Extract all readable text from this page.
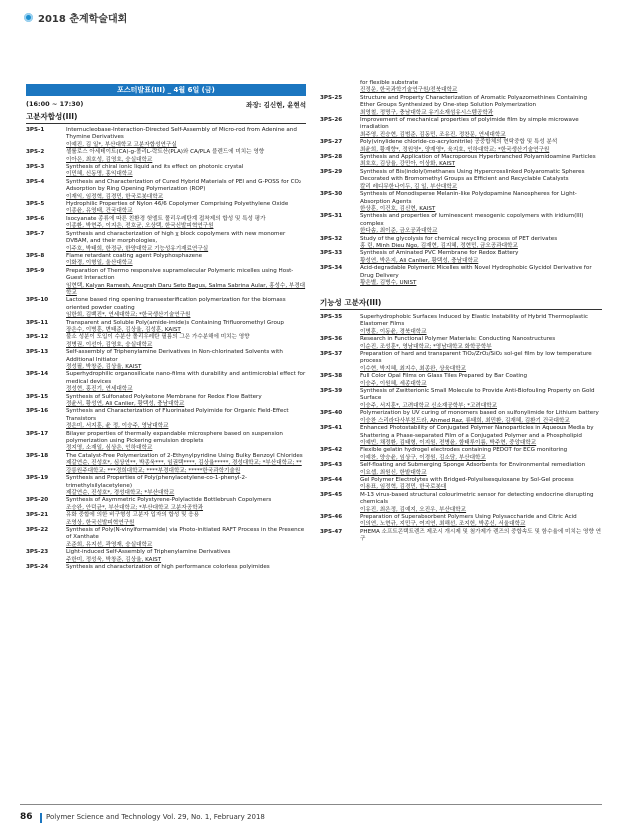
2018 춘계학술대회
포스터발표(III) _ 4월 6일 (금)
(16:00 ~ 17:30)	좌장: 김신현, 윤현석
고분자합성(III)
3PS-1	Internucleobase-Interaction-Directed Self-Assembly of Micro-rod from Adenine and Thymine Derivatives
이예진, 김 일*, 부산대학교 고분자합성연구실
3PS-2	셀룰로스 아세테이트(CA)-g-폴리L-락트산(PLA)와 CA/PLA 블렌드에 미치는 영향
이아은, 최호성, 김영호, 숭실대학교
3PS-3	Synthesis of chiral ionic liquid and its effect on photonic crystal
이민혜, 신동명, 홍익대학교
3PS-4	Synthesis and Characterization of Cured Hybrid Materials of PEI and G-POSS for CO₂ Adsorption by Ring Opening Polymerization (ROP)
이재익, 임정혁, 김경민, 한국로봇대학교
3PS-5	Hydrophilic Properties of Nylon 46/6 Copolymer Comprising Polyethylene Oxide
이종윤, 유영태, 건국대학교
3PS-6	Isocyanate 종류에 따른 친환경 헛엘트 폴리우레탄계 접착제의 합성 및 특성 평가
이종환, 박현주, 이지은, 전호균, 오상택, 한국신발피혁연구원
3PS-7	Synthesis and characterization of high χ block copolymers with new monomer DVBAM, and their morphologies,
이주호, 박태희, 한정규, 한양대학교 기능성유기재료연구실
3PS-8	Flame retardant coating agent Polyphosphazene
이화경, 이형일, 울산대학교
3PS-9	Preparation of Thermo responsive supramolecular Polymeric micelles using Host-Guest Interaction
임현택, Kalyan Ramesh, Anugrah Daru Seto Bagus, Salma Sabrina Aular, 홍성수, 부경대학교
3PS-10	Lactone based ring opening transesterification polymerization for the biomass oriented powder coating
임한희, 김백진*, 연세대학교; *한국생산기술연구원
3PS-11	Transparent and Soluble Poly(amide-imide)s Containing Trifluoromethyl Group
장은수, 이병훈, 변태준, 김상율, 김성훈, KAIST
3PS-12	불소 성분이 도입이 수분산 폴리우레탄 필름의 그은 가수분해에 미치는 영향
정병권, 이선아, 김영호, 숭실대학교
3PS-13	Self-assembly of Triphenylamine Derivatives in Non-chlorinated Solvents with Additional Initiator
정성필, 박창준, 김상율, KAIST
3PS-14	Superhydrophilic organosilicate nano-films with durability and antimicrobial effect for medical devices
정성현, 홍진기, 연세대학교
3PS-15	Synthesis of Sulfonated Polyketone Membrane for Redox Flow Battery
정윤서, 황성연, Ali Canlier, 황택성, 충남대학교
3PS-16	Synthesis and Characterization of Fluorinated Polyimide for Organic Field-Effect Transistors
정은미, 서지훈, 윤 정, 이승주, 영남대학교
3PS-17	Bilayer properties of thermally expandable microsphere based on suspension polymerization using Pickering emulsion droplets
정지영, 소재일, 심상은, 인하대학교
3PS-18	The Catalyst-Free Polymerization of 2-Ethynylpyridine Using Bulky Benzoyl Chlorides
제갈연순, 진성호*, 심상연**, 박종욱***, 임권택****, 김상율*****, 경성대학교; *부산대학교; **강릉원주대학교; ***경희대학교; ****부경대학교; *****한국과학기술원
3PS-19	Synthesis and Properties of Poly(phenylacetylene-co-1-phenyl-2-trimethylsilylacetylene)
제갈연순, 진성호*, 경성대학교; *부산대학교
3PS-20	Synthesis of Asymmetric Polystyrene-Polylactide Bottlebrush Copolymers
조승완, 안덕균*, 부산대학교; *부산대학교 고분자공학과
3PS-21	유화 중합에 의한 비구형성 고분자 입자의 합성 및 응용
조영상, 한국신발피혁연구원
3PS-22	Synthesis of Poly(N-vinylformamide) via Photo-initiated RAFT Process in the Presence of Xanthate
조준희, 유지선, 곽영재, 숭실대학교
3PS-23	Light-induced Self-Assembly of Triphenylamine Derivatives
주한미, 정성욱, 박창준, 김상율, KAIST
3PS-24	Synthesis and characterization of high performance colorless polyimides
for flexible substrate
진정운, 한국과학기술연구원/전북대학교
3PS-25	Structure and Property Characterization of Aromatic Polyazomethines Containing Ether Groups Synthesized by One-step Solution Polymerization
최영철, 정명구, 충남대학교 유기소재섬유시스템공학과
3PS-26	Improvement of mechanical properties of polyimide film by simple microwave irradiation
최주영, 진승현, 김범준, 김동민, 조유진, 정찬문, 연세대학교
3PS-27	Poly(vinylidene chloride-co-acrylonitrile) 공중합체의 현탁중합 및 특성 분석
최윤희, 황재향*, 정원영*, 양재영*, 육지호, 인하대학교; *한국생산기술연구원
3PS-28	Synthesis and Application of Macroporous Hyperbranched Polyamidoamine Particles
최호호, 김상율, 강민아, 이상화, KAIST
3PS-29	Synthesis of Bis(indolyl)methanes Using Hypercrosslinked Polyaromatic Spheres Decorated with Bromomethyl Groups as Efficient and Recyclable Catalysts
칼리 레디무한나이두, 김 일, 부산대학교
3PS-30	Synthesis of Monodisperse Melanin-like Polydopamine Nanospheres for Light-Absorption Agents
한상훈, 이건호, 김신현, KAIST
3PS-31	Synthesis and properties of luminescent mesogenic copolymers with iridium(III) complex
한다솜, 최이준, 금오공과대학교
3PS-32	Study of the glycolysis for chemical recycling process of PET derivates
홍 린, Minh Dieu Ngo, 김재현, 김지혜, 정현민, 금오공과대학교
3PS-33	Synthesis of Aminated PVC Membrane for Redox Battery
황성연, 박은지, Ali Canlier, 황택성, 충남대학교
3PS-34	Acid-degradable Polymeric Micelles with Novel Hydrophobic Glycidol Derivative for Drug Delivery
황은별, 김병수, UNIST
기능성 고분자(III)
3PS-35	Superhydrophobic Surfaces Induced by Elastic Instability of Hybrid Thermoplastic Elastomer Films
이병훈, 이동윤, 경북대학교
3PS-36	Research in Functional Polymer Materials: Conducting Nanostructures
이순진, 조성훈*, 영남대학교; *영남대학교 화학공학부
3PS-37	Preparation of hard and transparent TiO₂/ZrO₂/SiO₂ sol-gel film by low temperature process
이수현, 박지혜, 최지수, 최종완, 상육대학교
3PS-38	Full Color Opal Films on Glass Tiles Prepared by Bar Coating
이승주, 이원혜, 세종대학교
3PS-39	Synthesis of Zwitterionic Small Molecule to Provide Anti-Biofouling Property on Gold Surface
이승주, 서지훈*, 고려대학교 신소재공학부; *고려대학교
3PS-40	Polymerization by UV curing of monomers based on sulfonylimide for Lithium battery
이승찬 스리라다사부친드라, Ahmed Raz, 류태희, 최민환, 김재혜, 김환기 건국대학교
3PS-41	Enhanced Photostability of Conjugated Polymer Nanoparticles in Aqueous Media by Shattering a Phase-separated Film of a Conjugated Polymer and a Phospholipid
이예빈, 채정환, 김태형, 이지원, 전병윤, 함태루이름, 박주현, 중앙대학교
3PS-42	Flexible gelatin hydrogel electrodes containing PEDOT for ECG monitoring
이예찬, 양승윤, 임상구, 이경원, 김소담, 부산대학교
3PS-43	Self-floating and Submerging Sponge Adsorbents for Environmental remediation
이요셉, 최원신, 한밭대학교
3PS-44	Gel Polymer Electrolytes with Bridged-Polysilsesquioxane by Sol-Gel process
이용표, 임정혁, 김경민, 한국로봇대
3PS-45	M-13 virus-based structural colourimetric sensor for detecting endocrine disrupting chemicals
이유진, 최은정, 김예지, 오진우, 부산대학교
3PS-46	Preparation of Superabsorbent Polymers Using Polysaccharide and Citric Acid
이의연, 노현규, 지민구, 여지연, 최해선, 조지헌, 박종신, 서울대학교
3PS-47	PHEMA 소프트콘택트렌즈 제조시 개시제 및 첨가제가 렌즈의 중합속도 및 함수율에 미치는 영향 연구
86 Polymer Science and Technology Vol. 29, No. 1, February 2018
